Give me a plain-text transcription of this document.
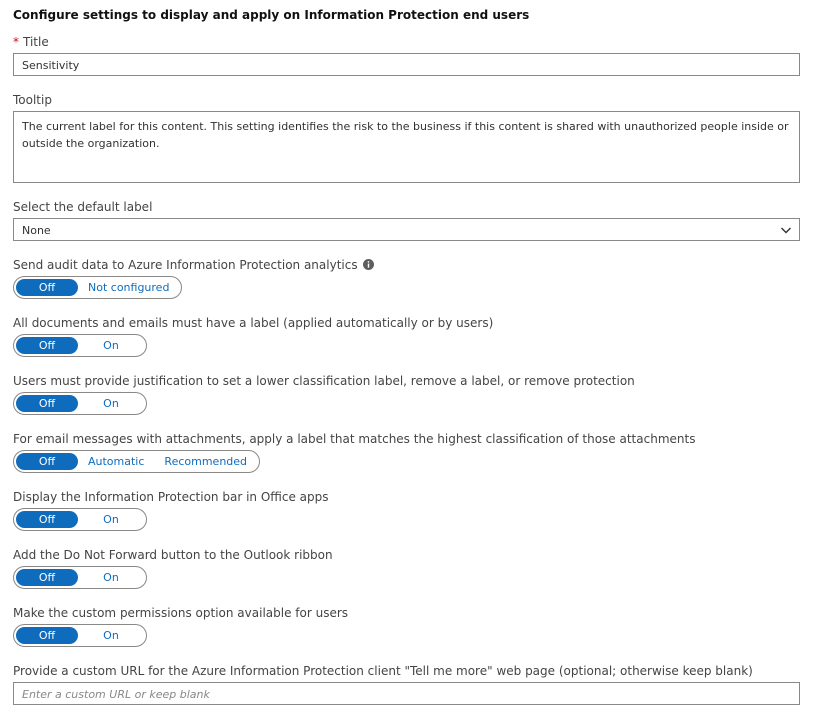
Configure settings to display and apply on Information Protection end users
* Title
Sensitivity
Tooltip
The current label for this content. This setting identifies the risk to the business if this content is shared with unauthorized people inside or outside the organization.
Select the default label
None
Send audit data to Azure Information Protection analytics
Off	Not configured
All documents and emails must have a label (applied automatically or by users)
Off	On
Users must provide justification to set a lower classification label, remove a label, or remove protection
Off	On
For email messages with attachments, apply a label that matches the highest classification of those attachments
Off	Automatic	Recommended
Display the Information Protection bar in Office apps
Off	On
Add the Do Not Forward button to the Outlook ribbon
Off	On
Make the custom permissions option available for users
Off	On
Provide a custom URL for the Azure Information Protection client "Tell me more" web page (optional; otherwise keep blank)
Enter a custom URL or keep blank
